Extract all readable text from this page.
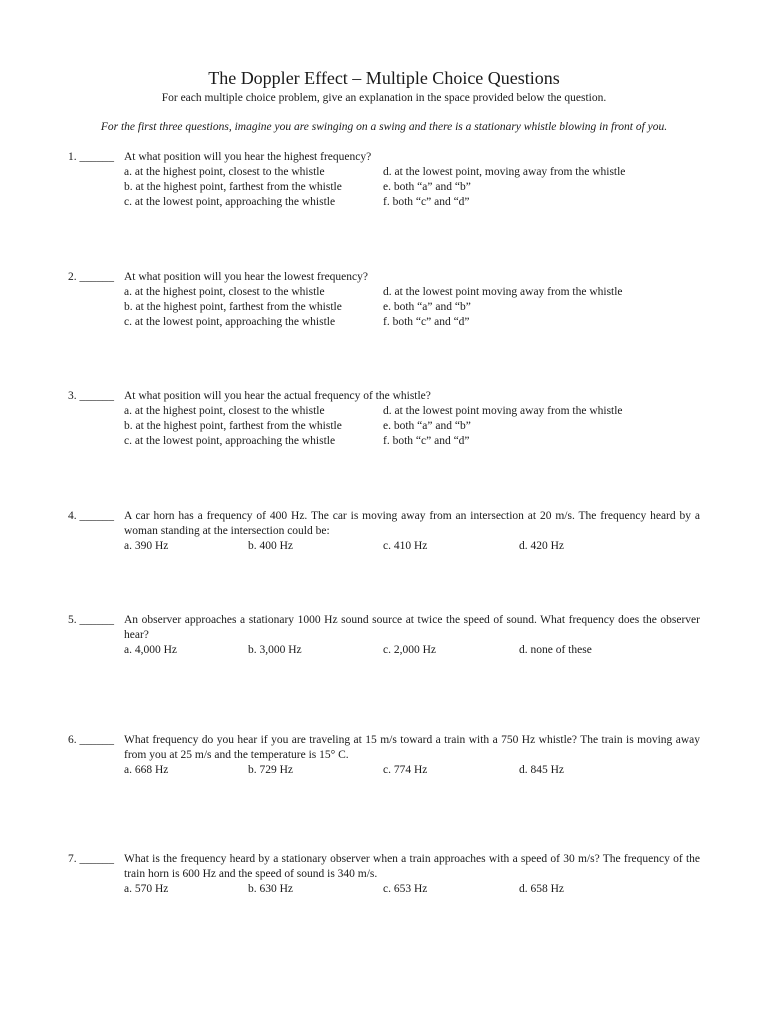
The Doppler Effect – Multiple Choice Questions
For each multiple choice problem, give an explanation in the space provided below the question.
For the first three questions, imagine you are swinging on a swing and there is a stationary whistle blowing in front of you.
1. ______ At what position will you hear the highest frequency?
a. at the highest point, closest to the whistle
b. at the highest point, farthest from the whistle
c. at the lowest point, approaching the whistle
d. at the lowest point, moving away from the whistle
e. both “a” and “b”
f. both “c” and “d”
2. ______ At what position will you hear the lowest frequency?
a. at the highest point, closest to the whistle
b. at the highest point, farthest from the whistle
c. at the lowest point, approaching the whistle
d. at the lowest point moving away from the whistle
e. both “a” and “b”
f. both “c” and “d”
3. ______ At what position will you hear the actual frequency of the whistle?
a. at the highest point, closest to the whistle
b. at the highest point, farthest from the whistle
c. at the lowest point, approaching the whistle
d. at the lowest point moving away from the whistle
e. both “a” and “b”
f. both “c” and “d”
4. ______ A car horn has a frequency of 400 Hz. The car is moving away from an intersection at 20 m/s. The frequency heard by a woman standing at the intersection could be:
a. 390 Hz	b. 400 Hz	c. 410 Hz	d. 420 Hz
5. ______ An observer approaches a stationary 1000 Hz sound source at twice the speed of sound. What frequency does the observer hear?
a. 4,000 Hz	b. 3,000 Hz	c. 2,000 Hz	d. none of these
6. ______ What frequency do you hear if you are traveling at 15 m/s toward a train with a 750 Hz whistle? The train is moving away from you at 25 m/s and the temperature is 15° C.
a. 668 Hz	b. 729 Hz	c. 774 Hz	d. 845 Hz
7. ______ What is the frequency heard by a stationary observer when a train approaches with a speed of 30 m/s? The frequency of the train horn is 600 Hz and the speed of sound is 340 m/s.
a. 570 Hz	b. 630 Hz	c. 653 Hz	d. 658 Hz
